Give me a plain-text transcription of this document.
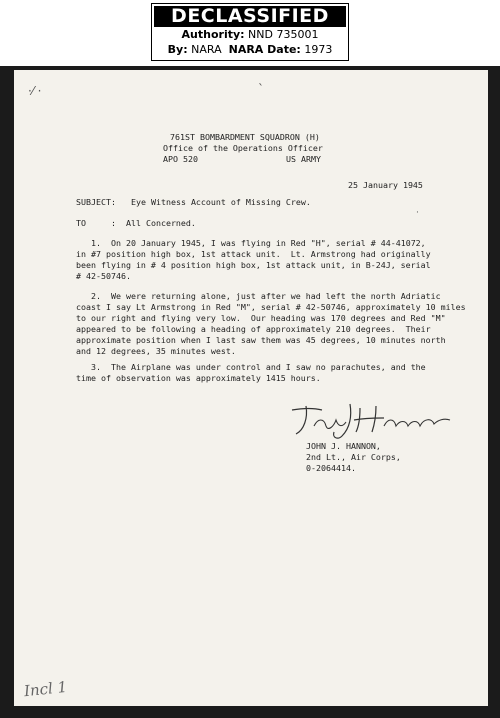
DECLASSIFIED
Authority: NND 735001
By: NARA NARA Date: 1973
·⁄ ·	ˋ
·
761ST BOMBARDMENT SQUADRON (H)
Office of the Operations Officer
APO 520	US ARMY
25 January 1945
SUBJECT: Eye Witness Account of Missing Crew.
TO	:  All Concerned.
1.  On 20 January 1945, I was flying in Red "H", serial # 44-41072,
in #7 position high box, 1st attack unit.  Lt. Armstrong had originally
been flying in # 4 position high box, 1st attack unit, in B-24J, serial
# 42-50746.
2.  We were returning alone, just after we had left the north Adriatic
coast I say Lt Armstrong in Red "M", serial # 42-50746, approximately 10 miles
to our right and flying very low.  Our heading was 170 degrees and Red "M"
appeared to be following a heading of approximately 210 degrees.  Their
approximate position when I last saw them was 45 degrees, 10 minutes north
and 12 degrees, 35 minutes west.
3.  The Airplane was under control and I saw no parachutes, and the
time of observation was approximately 1415 hours.
JOHN J. HANNON,
2nd Lt., Air Corps,
0-2064414.
Incl 1
